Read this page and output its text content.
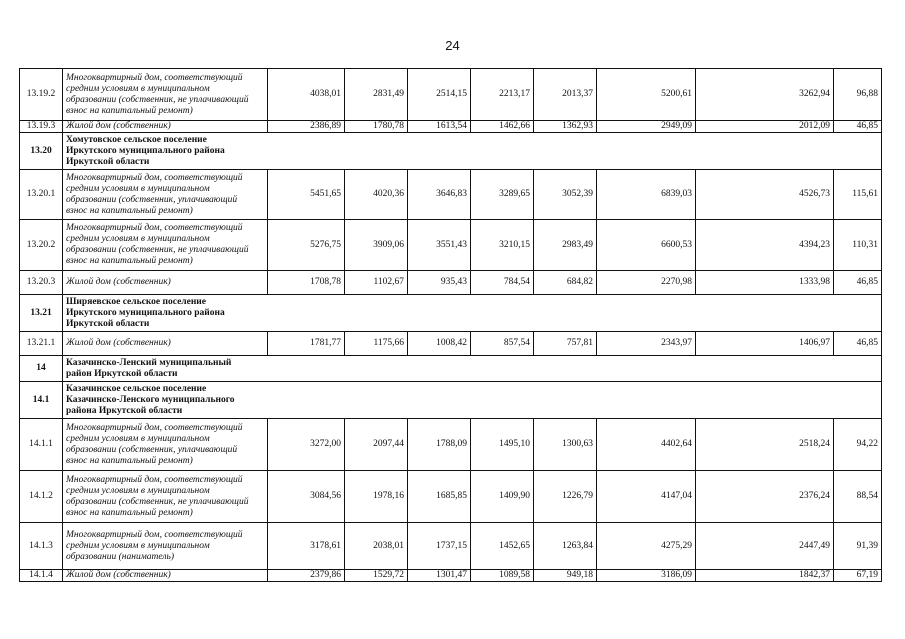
24
13.19.2	Многоквартирный дом, соответствующий
средним условиям в муниципальном
образовании (собственник, не уплачивающий
взнос на капитальный ремонт)	4038,01	2831,49	2514,15	2213,17	2013,37	5200,61	3262,94	96,88
13.19.3	Жилой дом (собственник)	2386,89	1780,78	1613,54	1462,66	1362,93	2949,09	2012,09	46,85
13.20	Хомутовское сельское поселение
Иркутского муниципального района
Иркутской области								
13.20.1	Многоквартирный дом, соответствующий
средним условиям в муниципальном
образовании (собственник, уплачивающий
взнос на капитальный ремонт)	5451,65	4020,36	3646,83	3289,65	3052,39	6839,03	4526,73	115,61
13.20.2	Многоквартирный дом, соответствующий
средним условиям в муниципальном
образовании (собственник, не уплачивающий
взнос на капитальный ремонт)	5276,75	3909,06	3551,43	3210,15	2983,49	6600,53	4394,23	110,31
13.20.3	Жилой дом (собственник)	1708,78	1102,67	935,43	784,54	684,82	2270,98	1333,98	46,85
13.21	Ширяевское сельское поселение
Иркутского муниципального района
Иркутской области								
13.21.1	Жилой дом (собственник)	1781,77	1175,66	1008,42	857,54	757,81	2343,97	1406,97	46,85
14	Казачинско-Ленский муниципальный
район Иркутской области								
14.1	Казачинское сельское поселение
Казачинско-Ленского муниципального
района Иркутской области								
14.1.1	Многоквартирный дом, соответствующий
средним условиям в муниципальном
образовании (собственник, уплачивающий
взнос на капитальный ремонт)	3272,00	2097,44	1788,09	1495,10	1300,63	4402,64	2518,24	94,22
14.1.2	Многоквартирный дом, соответствующий
средним условиям в муниципальном
образовании (собственник, не уплачивающий
взнос на капитальный ремонт)	3084,56	1978,16	1685,85	1409,90	1226,79	4147,04	2376,24	88,54
14.1.3	Многоквартирный дом, соответствующий
средним условиям в муниципальном
образовании (наниматель)	3178,61	2038,01	1737,15	1452,65	1263,84	4275,29	2447,49	91,39
14.1.4	Жилой дом (собственник)	2379,86	1529,72	1301,47	1089,58	949,18	3186,09	1842,37	67,19
